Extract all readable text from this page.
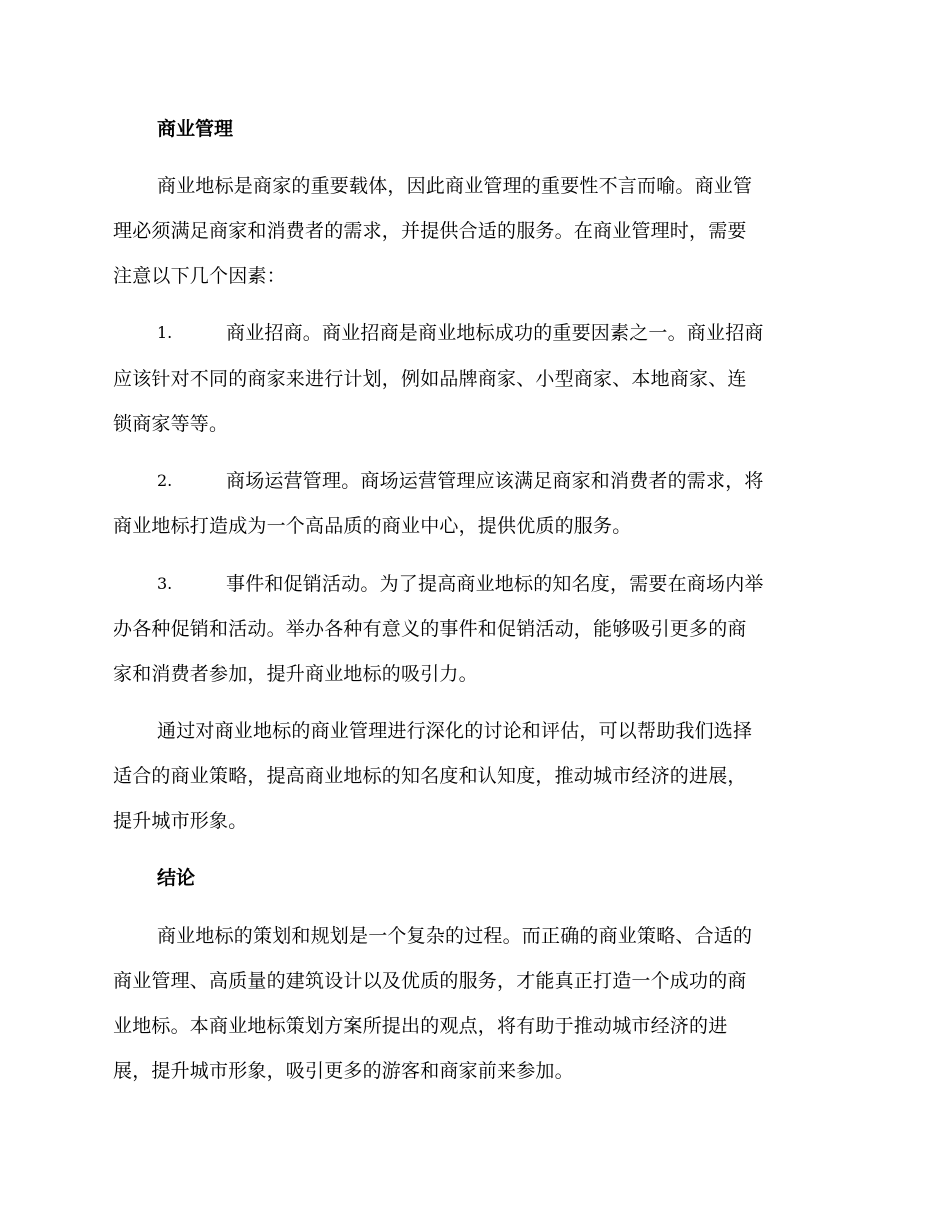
商业管理
商业地标是商家的重要载体，因此商业管理的重要性不言而喻。商业管
理必须满足商家和消费者的需求，并提供合适的服务。在商业管理时，需要
注意以下几个因素：
1.	商业招商。商业招商是商业地标成功的重要因素之一。商业招商
应该针对不同的商家来进行计划，例如品牌商家、小型商家、本地商家、连
锁商家等等。
2.	商场运营管理。商场运营管理应该满足商家和消费者的需求，将
商业地标打造成为一个高品质的商业中心，提供优质的服务。
3.	事件和促销活动。为了提高商业地标的知名度，需要在商场内举
办各种促销和活动。举办各种有意义的事件和促销活动，能够吸引更多的商
家和消费者参加，提升商业地标的吸引力。
通过对商业地标的商业管理进行深化的讨论和评估，可以帮助我们选择
适合的商业策略，提高商业地标的知名度和认知度，推动城市经济的进展，
提升城市形象。
结论
商业地标的策划和规划是一个复杂的过程。而正确的商业策略、合适的
商业管理、高质量的建筑设计以及优质的服务，才能真正打造一个成功的商
业地标。本商业地标策划方案所提出的观点，将有助于推动城市经济的进
展，提升城市形象，吸引更多的游客和商家前来参加。
